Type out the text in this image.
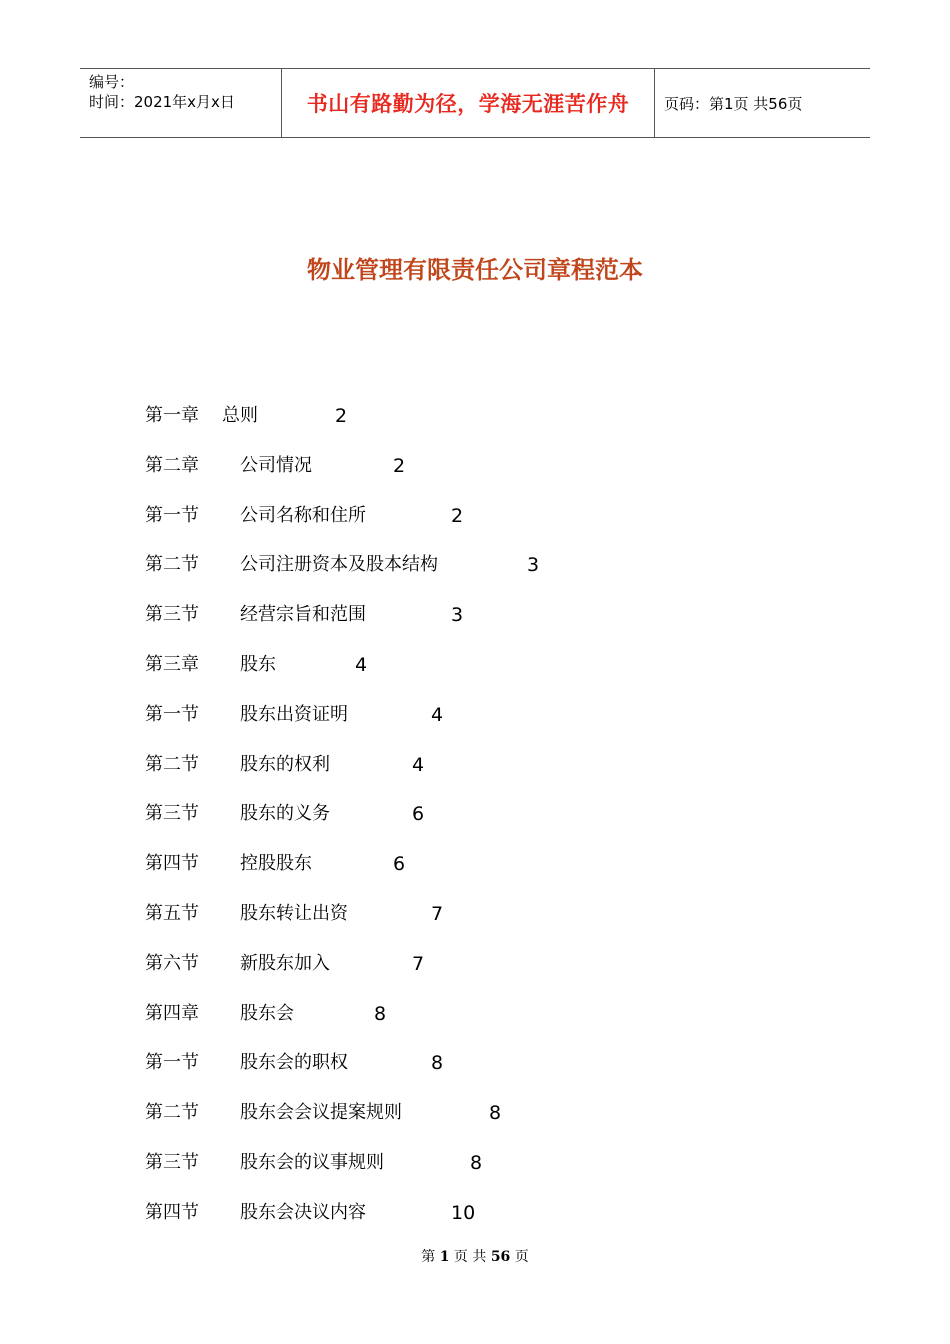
编号：
时间：2021年x月x日	书山有路勤为径，学海无涯苦作舟 页码：第1页 共56页
物业管理有限责任公司章程范本
第一章 总则	2
第二章 公司情况	2
第一节 公司名称和住所	2
第二节 公司注册资本及股本结构	3
第三节 经营宗旨和范围	3
第三章 股东	4
第一节 股东出资证明	4
第二节 股东的权利	4
第三节 股东的义务	6
第四节 控股股东	6
第五节 股东转让出资	7
第六节 新股东加入	7
第四章 股东会	8
第一节 股东会的职权	8
第二节 股东会会议提案规则	8
第三节 股东会的议事规则	8
第四节 股东会决议内容	10
第 1 页 共 56 页
